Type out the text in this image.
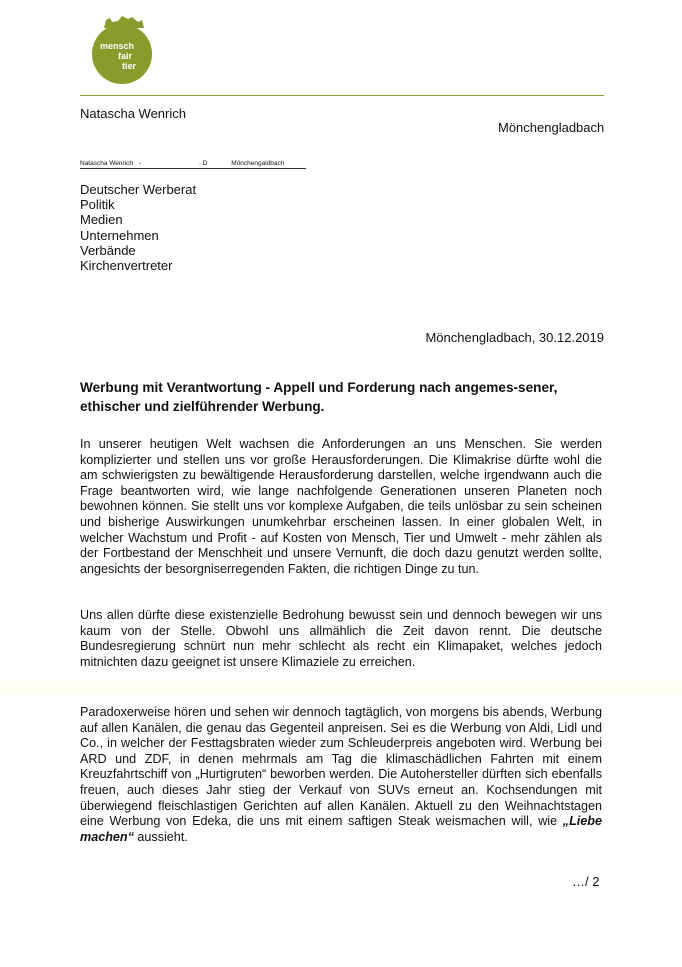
mensch
fair
tier
Natascha Wenrich
Mönchengladbach
Natascha Wenrich -	· D	Mönchengaldbach
Deutscher Werberat
Politik
Medien
Unternehmen
Verbände
Kirchenvertreter
Mönchengladbach, 30.12.2019
Werbung mit Verantwortung - Appell und Forderung nach angemes-sener, ethischer und zielführender Werbung.
In unserer heutigen Welt wachsen die Anforderungen an uns Menschen. Sie werden komplizierter und stellen uns vor große Herausforderungen. Die Klimakrise dürfte wohl die am schwierigsten zu bewältigende Herausforderung darstellen, welche irgendwann auch die Frage beantworten wird, wie lange nachfolgende Generationen unseren Planeten noch bewohnen können. Sie stellt uns vor komplexe Aufgaben, die teils unlösbar zu sein scheinen und bisherige Auswirkungen unumkehrbar erscheinen lassen. In einer globalen Welt, in welcher Wachstum und Profit - auf Kosten von Mensch, Tier und Umwelt - mehr zählen als der Fortbestand der Menschheit und unsere Vernunft, die doch dazu genutzt werden sollte, angesichts der besorgniserregenden Fakten, die richtigen Dinge zu tun.
Uns allen dürfte diese existenzielle Bedrohung bewusst sein und dennoch bewegen wir uns kaum von der Stelle. Obwohl uns allmählich die Zeit davon rennt. Die deutsche Bundesregierung schnürt nun mehr schlecht als recht ein Klimapaket, welches jedoch mitnichten dazu geeignet ist unsere Klimaziele zu erreichen.
Paradoxerweise hören und sehen wir dennoch tagtäglich, von morgens bis abends, Werbung auf allen Kanälen, die genau das Gegenteil anpreisen. Sei es die Werbung von Aldi, Lidl und Co., in welcher der Festtagsbraten wieder zum Schleuderpreis angeboten wird. Werbung bei ARD und ZDF, in denen mehrmals am Tag die klimaschädlichen Fahrten mit einem Kreuzfahrtschiff von „Hurtigruten“ beworben werden. Die Autohersteller dürften sich ebenfalls freuen, auch dieses Jahr stieg der Verkauf von SUVs erneut an. Kochsendungen mit überwiegend fleischlastigen Gerichten auf allen Kanälen. Aktuell zu den Weihnachtstagen eine Werbung von Edeka, die uns mit einem saftigen Steak weismachen will, wie „Liebe machen“ aussieht.
…/ 2
